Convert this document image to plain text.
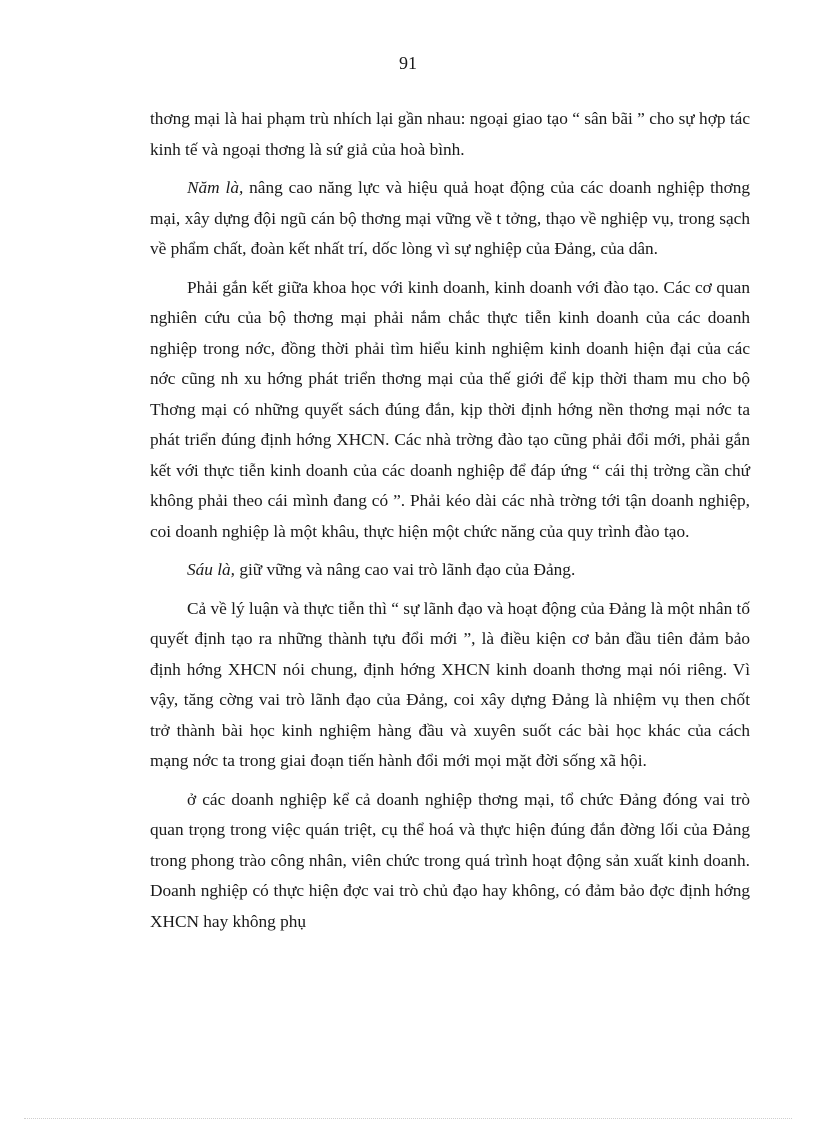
91

thơng mại là hai phạm trù nhích lại gần nhau: ngoại giao tạo “ sân bãi ” cho sự hợp tác kinh tế và ngoại thơng là sứ giả của hoà bình.

Năm là, nâng cao năng lực và hiệu quả hoạt động của các doanh nghiệp thơng mại, xây dựng đội ngũ cán bộ thơng mại vững về t tởng, thạo về nghiệp vụ, trong sạch về phẩm chất, đoàn kết nhất trí, dốc lòng vì sự nghiệp của Đảng, của dân.

Phải gắn kết giữa khoa học với kinh doanh, kinh doanh với đào tạo. Các cơ quan nghiên cứu của bộ thơng mại phải nắm chắc thực tiễn kinh doanh của các doanh nghiệp trong nớc, đồng thời phải tìm hiểu kinh nghiệm kinh doanh hiện đại của các nớc cũng nh xu hớng phát triển thơng mại của thế giới để kịp thời tham mu cho bộ Thơng mại có những quyết sách đúng đắn, kịp thời định hớng nền thơng mại nớc ta phát triển đúng định hớng XHCN. Các nhà trờng đào tạo cũng phải đổi mới, phải gắn kết với thực tiễn kinh doanh của các doanh nghiệp để đáp ứng “ cái thị trờng cần chứ không phải theo cái mình đang có ”. Phải kéo dài các nhà trờng tới tận doanh nghiệp, coi doanh nghiệp là một khâu, thực hiện một chức năng của quy trình đào tạo.

Sáu là, giữ vững và nâng cao vai trò lãnh đạo của Đảng.

Cả về lý luận và thực tiễn thì “ sự lãnh đạo và hoạt động của Đảng là một nhân tố quyết định tạo ra những thành tựu đổi mới ”, là điều kiện cơ bản đầu tiên đảm bảo định hớng XHCN nói chung, định hớng XHCN kinh doanh thơng mại nói riêng. Vì vậy, tăng cờng vai trò lãnh đạo của Đảng, coi xây dựng Đảng là nhiệm vụ then chốt trở thành bài học kinh nghiệm hàng đầu và xuyên suốt các bài học khác của cách mạng nớc ta trong giai đoạn tiến hành đổi mới mọi mặt đời sống xã hội.

ở các doanh nghiệp kể cả doanh nghiệp thơng mại, tổ chức Đảng đóng vai trò quan trọng trong việc quán triệt, cụ thể hoá và thực hiện đúng đắn đờng lối của Đảng trong phong trào công nhân, viên chức trong quá trình hoạt động sản xuất kinh doanh. Doanh nghiệp có thực hiện đợc vai trò chủ đạo hay không, có đảm bảo đợc định hớng XHCN hay không phụ
